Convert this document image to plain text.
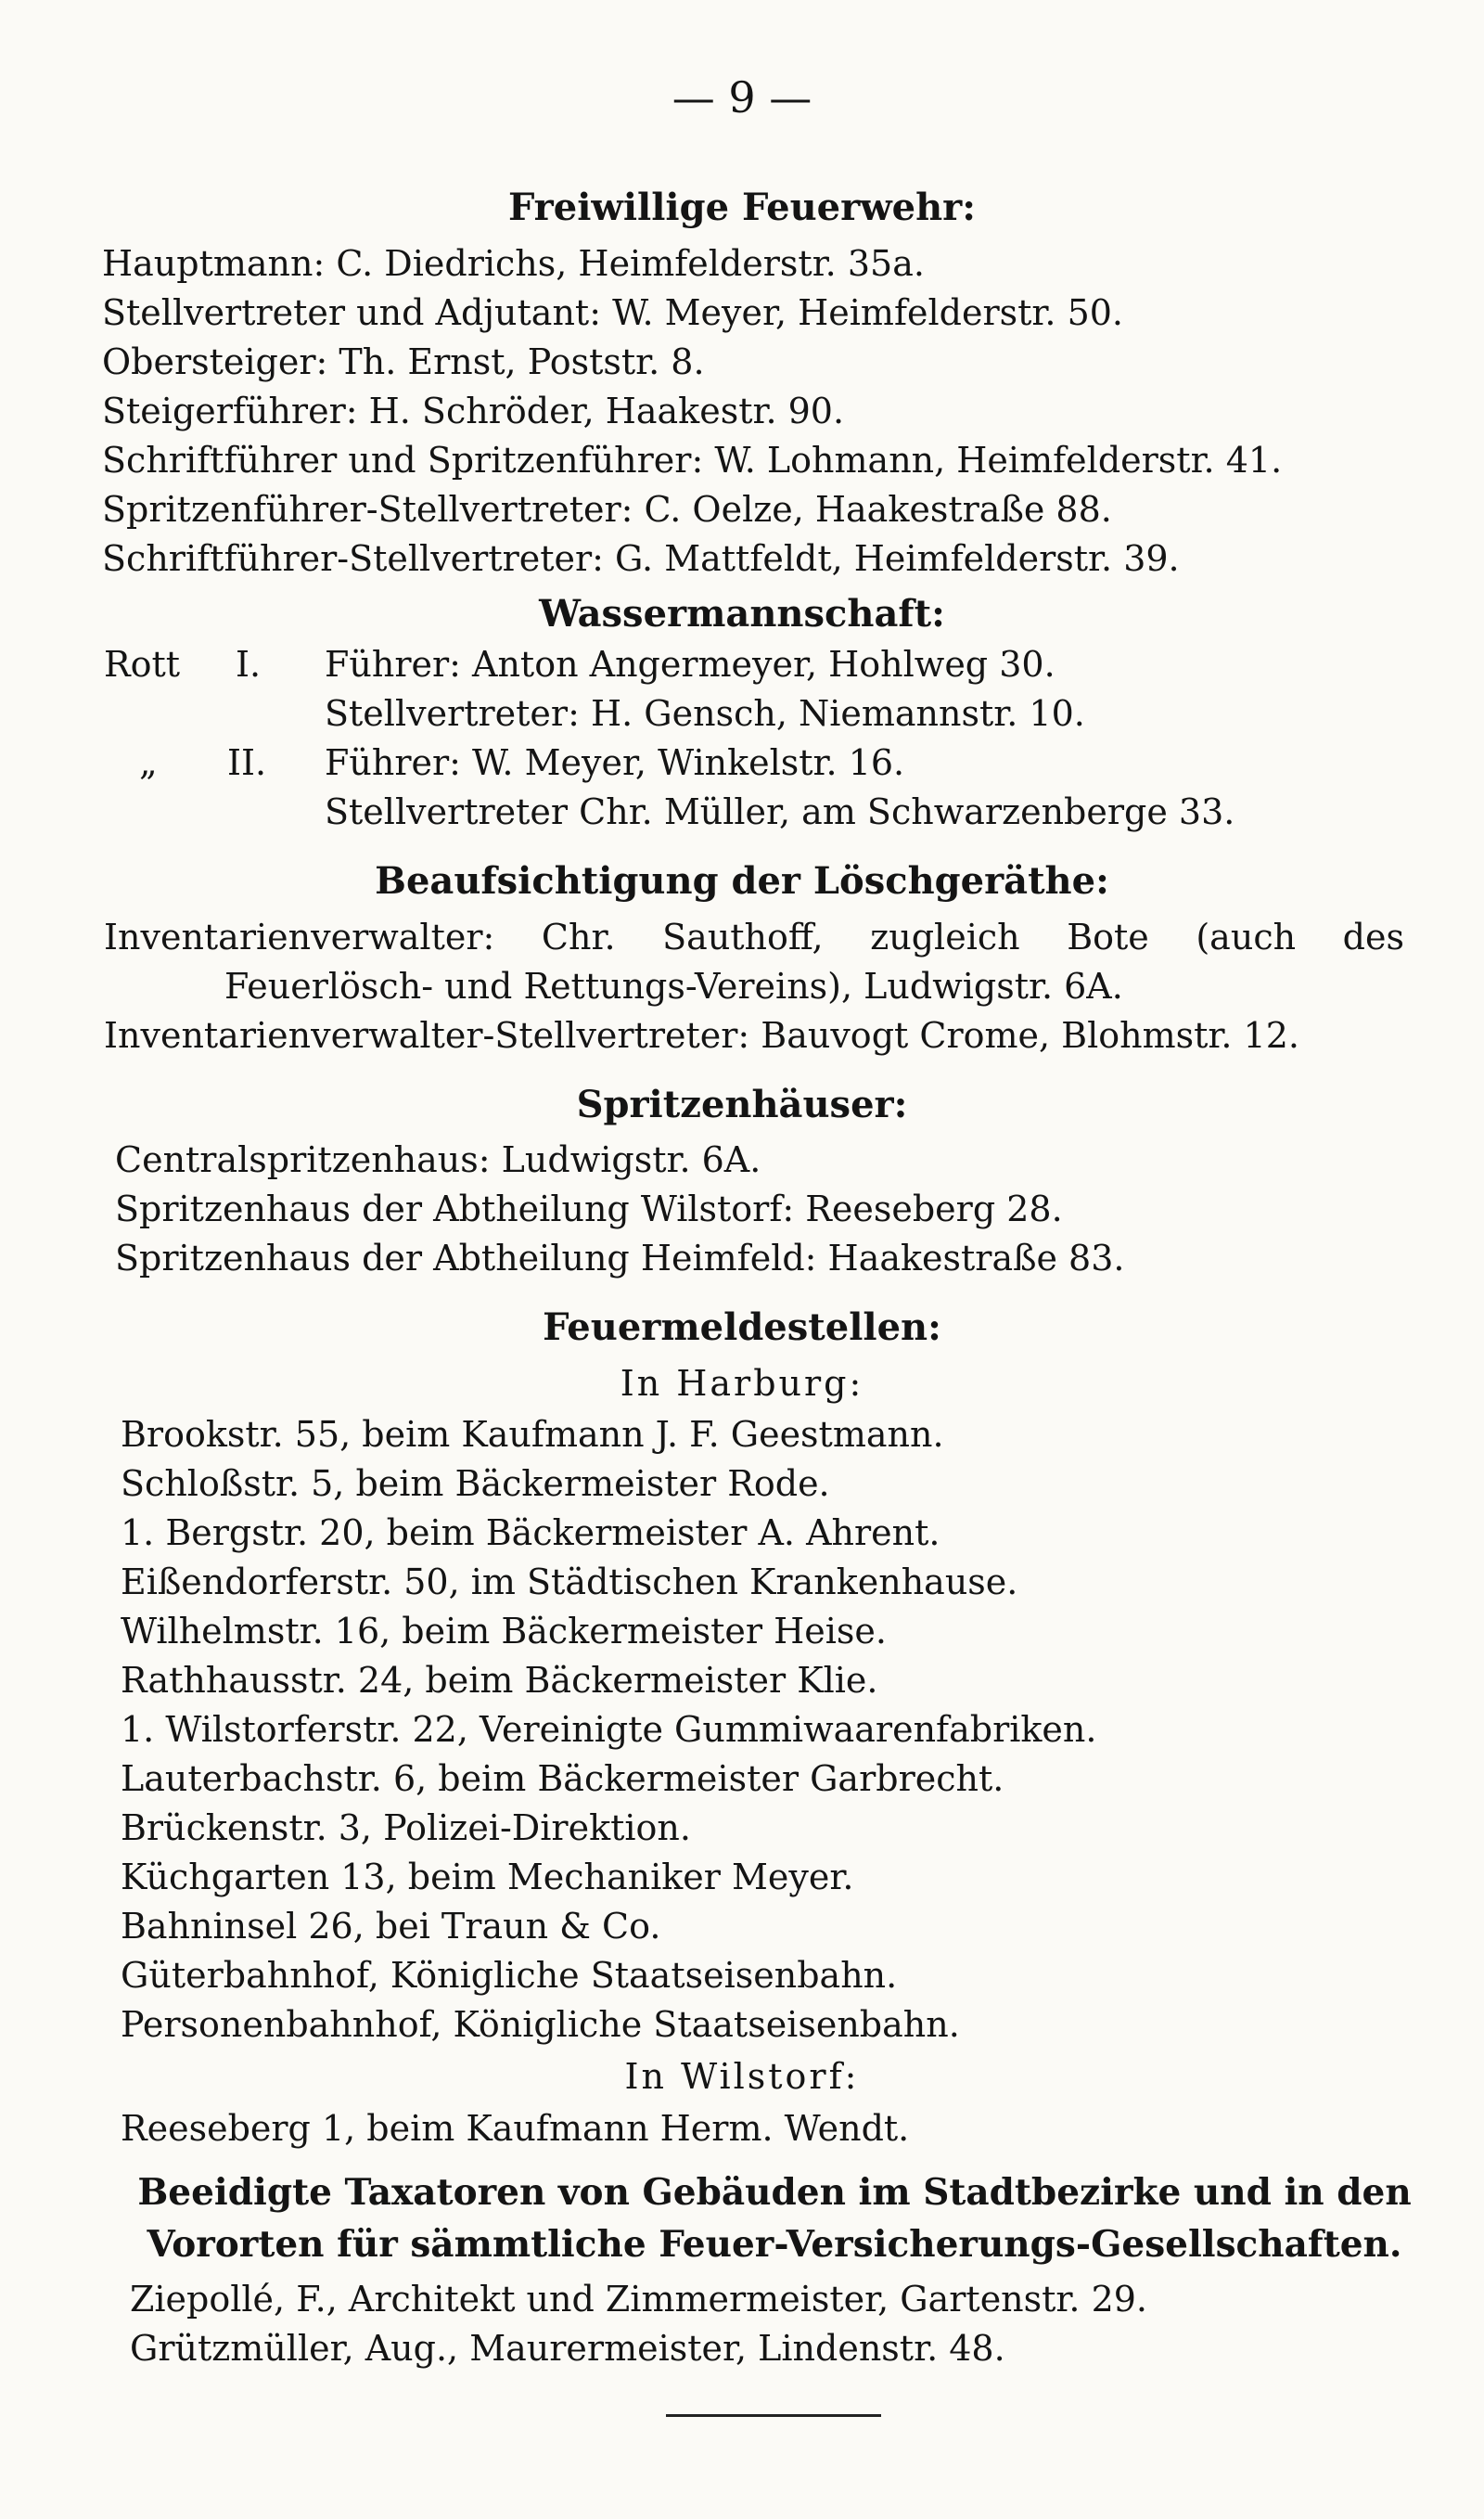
— 9 —
Freiwillige Feuerwehr:
Hauptmann: C. Diedrichs, Heimfelderstr. 35a.
Stellvertreter und Adjutant: W. Meyer, Heimfelderstr. 50.
Obersteiger: Th. Ernst, Poststr. 8.
Steigerführer: H. Schröder, Haakestr. 90.
Schriftführer und Spritzenführer: W. Lohmann, Heimfelderstr. 41.
Spritzenführer-Stellvertreter: C. Oelze, Haakestraße 88.
Schriftführer-Stellvertreter: G. Mattfeldt, Heimfelderstr. 39.
Wassermannschaft:
Rott I. Führer: Anton Angermeyer, Hohlweg 30.
Stellvertreter: H. Gensch, Niemannstr. 10.
„ II. Führer: W. Meyer, Winkelstr. 16.
Stellvertreter Chr. Müller, am Schwarzenberge 33.
Beaufsichtigung der Löschgeräthe:
Inventarienverwalter: Chr. Sauthoff, zugleich Bote (auch des
Feuerlösch- und Rettungs-Vereins), Ludwigstr. 6A.
Inventarienverwalter-Stellvertreter: Bauvogt Crome, Blohmstr. 12.
Spritzenhäuser:
Centralspritzenhaus: Ludwigstr. 6A.
Spritzenhaus der Abtheilung Wilstorf: Reeseberg 28.
Spritzenhaus der Abtheilung Heimfeld: Haakestraße 83.
Feuermeldestellen:
In Harburg:
Brookstr. 55, beim Kaufmann J. F. Geestmann.
Schloßstr. 5, beim Bäckermeister Rode.
1. Bergstr. 20, beim Bäckermeister A. Ahrent.
Eißendorferstr. 50, im Städtischen Krankenhause.
Wilhelmstr. 16, beim Bäckermeister Heise.
Rathhausstr. 24, beim Bäckermeister Klie.
1. Wilstorferstr. 22, Vereinigte Gummiwaarenfabriken.
Lauterbachstr. 6, beim Bäckermeister Garbrecht.
Brückenstr. 3, Polizei-Direktion.
Küchgarten 13, beim Mechaniker Meyer.
Bahninsel 26, bei Traun & Co.
Güterbahnhof, Königliche Staatseisenbahn.
Personenbahnhof, Königliche Staatseisenbahn.
In Wilstorf:
Reeseberg 1, beim Kaufmann Herm. Wendt.
Beeidigte Taxatoren von Gebäuden im Stadtbezirke und in den
Vororten für sämmtliche Feuer-Versicherungs-Gesellschaften.
Ziepollé, F., Architekt und Zimmermeister, Gartenstr. 29.
Grützmüller, Aug., Maurermeister, Lindenstr. 48.
